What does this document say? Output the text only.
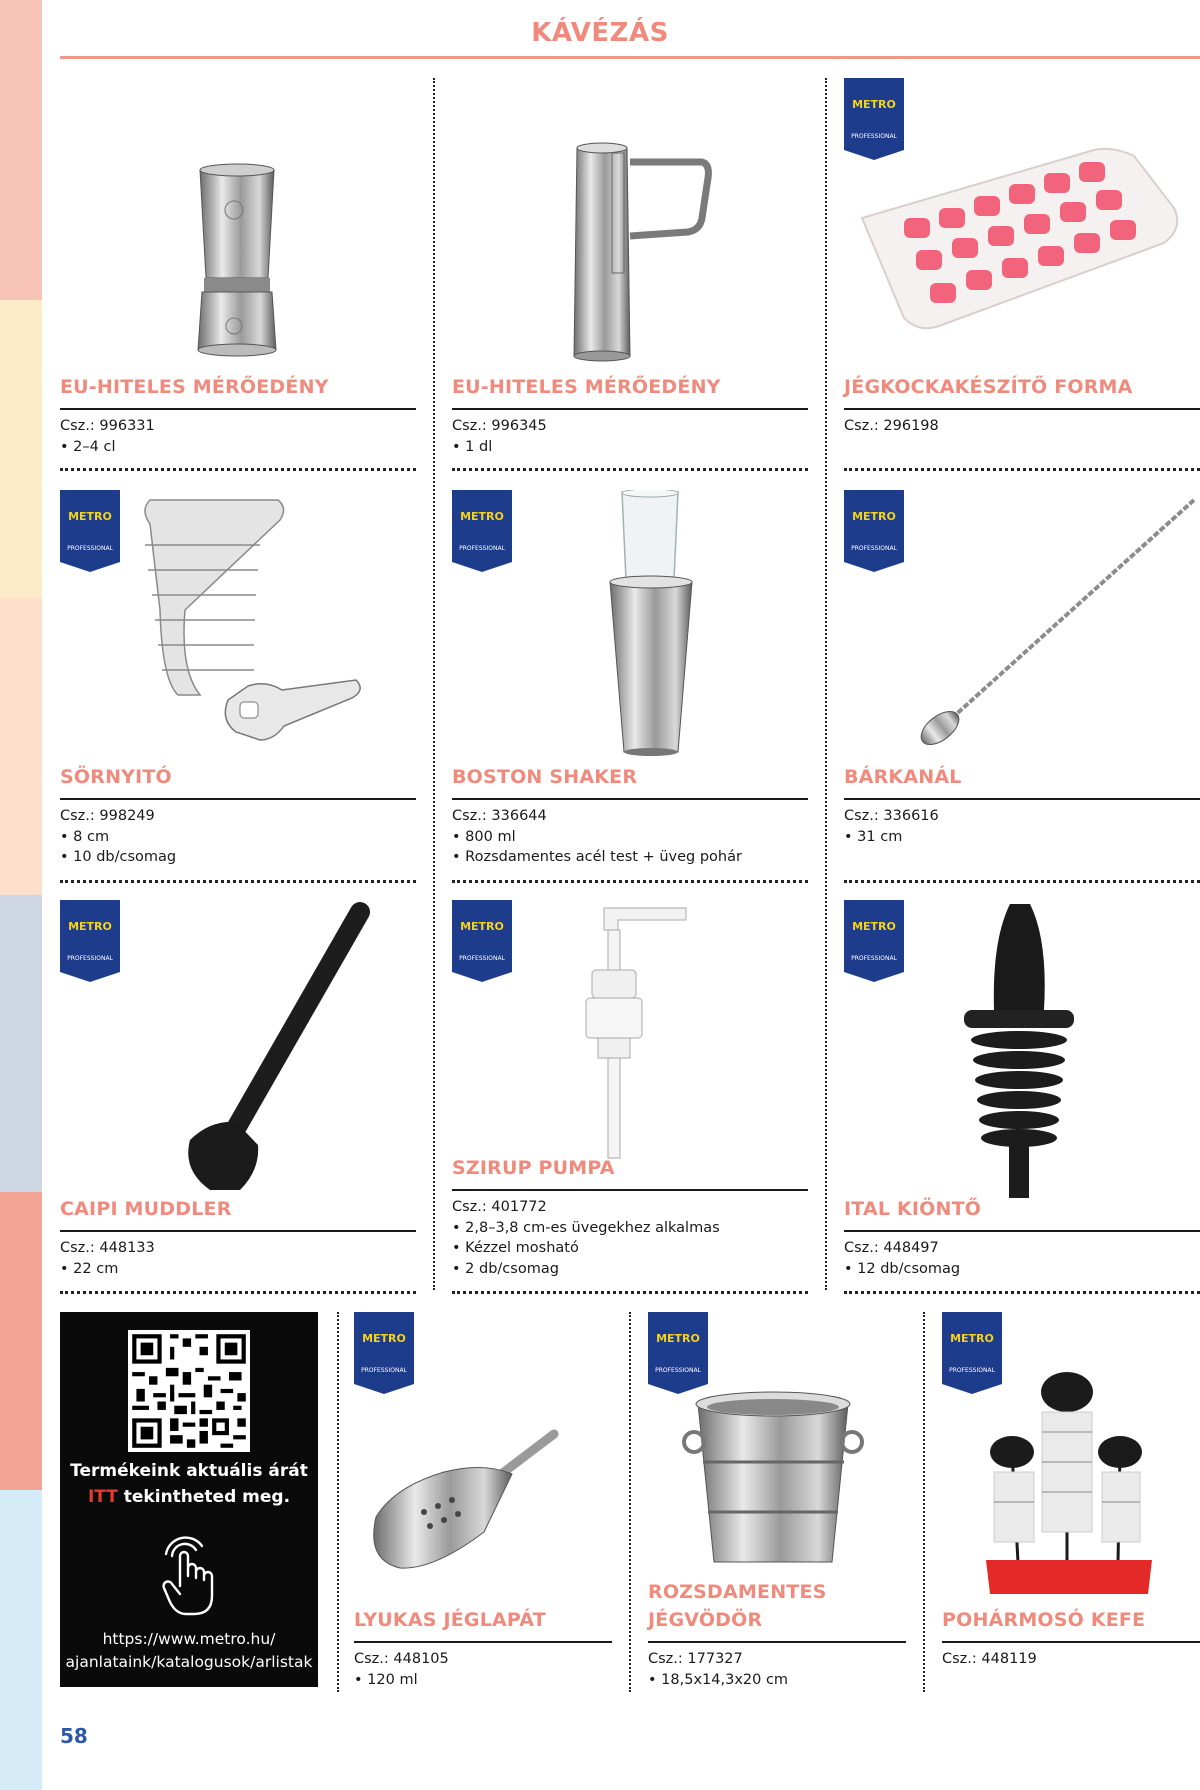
KÁVÉZÁS
EU-HITELES MÉRŐEDÉNY
Csz.: 996331
• 2–4 cl
EU-HITELES MÉRŐEDÉNY
Csz.: 996345
• 1 dl
METRO
PROFESSIONAL
JÉGKOCKAKÉSZÍTŐ FORMA
Csz.: 296198
METRO
PROFESSIONAL
SÖRNYITÓ
Csz.: 998249
• 8 cm
• 10 db/csomag
METRO
PROFESSIONAL
BOSTON SHAKER
Csz.: 336644
• 800 ml
• Rozsdamentes acél test + üveg pohár
METRO
PROFESSIONAL
BÁRKANÁL
Csz.: 336616
• 31 cm
METRO
PROFESSIONAL
CAIPI MUDDLER
Csz.: 448133
• 22 cm
METRO
PROFESSIONAL
SZIRUP PUMPA
Csz.: 401772
• 2,8–3,8 cm-es üvegekhez alkalmas
• Kézzel mosható
• 2 db/csomag
METRO
PROFESSIONAL
ITAL KIÖNTŐ
Csz.: 448497
• 12 db/csomag
Termékeink aktuális árát
ITT tekintheted meg.
https://www.metro.hu/
ajanlataink/katalogusok/arlistak
METRO
PROFESSIONAL
LYUKAS JÉGLAPÁT
Csz.: 448105
• 120 ml
METRO
PROFESSIONAL
ROZSDAMENTES
JÉGVÖDÖR
Csz.: 177327
• 18,5x14,3x20 cm
METRO
PROFESSIONAL
POHÁRMOSÓ KEFE
Csz.: 448119
58
